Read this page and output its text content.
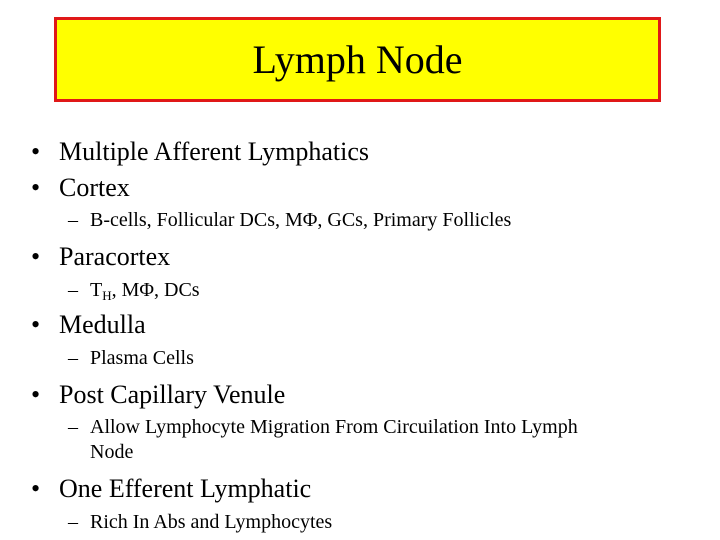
Lymph Node
• Multiple Afferent Lymphatics
• Cortex
– B-cells, Follicular DCs, MΦ, GCs, Primary Follicles
• Paracortex
– $T_H$, MΦ, DCs
• Medulla
– Plasma Cells
• Post Capillary Venule
– Allow Lymphocyte Migration From Circuilation Into Lymph
Node
• One Efferent Lymphatic
– Rich In Abs and Lymphocytes
